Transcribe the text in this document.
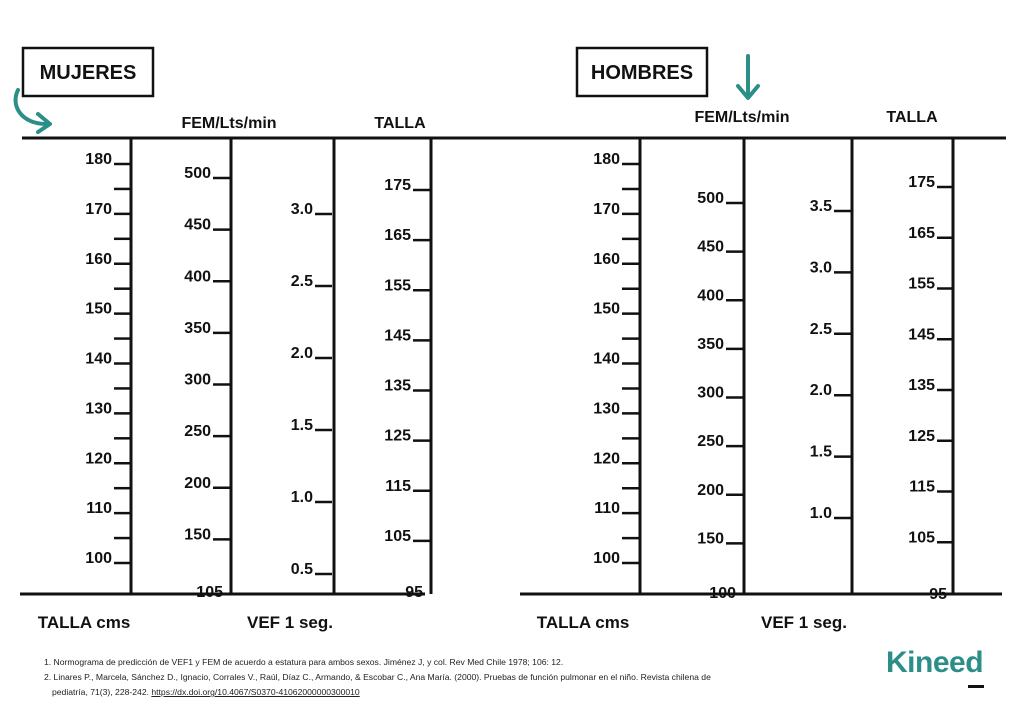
MUJERES	HOMBRES
FEM/Lts/min	TALLA	FEM/Lts/min	TALLA
TALLA cms	VEF 1 seg.	TALLA cms	VEF 1 seg.
180
170
160
150
140
130
120
110
100
500
450
400
350
300
250
200
150
105
3.0
2.5
2.0
1.5
1.0
0.5
175
165
155
145
135
125
115
105
95
180
170
160
150
140
130
120
110
100
500
450
400
350
300
250
200
150
100
3.5
3.0
2.5
2.0
1.5
1.0
175
165
155
145
135
125
115
105
95
1. Normograma de predicción de VEF1 y FEM de acuerdo a estatura para ambos sexos. Jiménez J, y col. Rev Med Chile 1978; 106: 12.
2. Linares P., Marcela, Sánchez D., Ignacio, Corrales V., Raúl, Díaz C., Armando, & Escobar C., Ana María. (2000). Pruebas de función pulmonar en el niño. Revista chilena de
pediatría, 71(3), 228-242. https://dx.doi.org/10.4067/S0370-41062000000300010
Kineed
